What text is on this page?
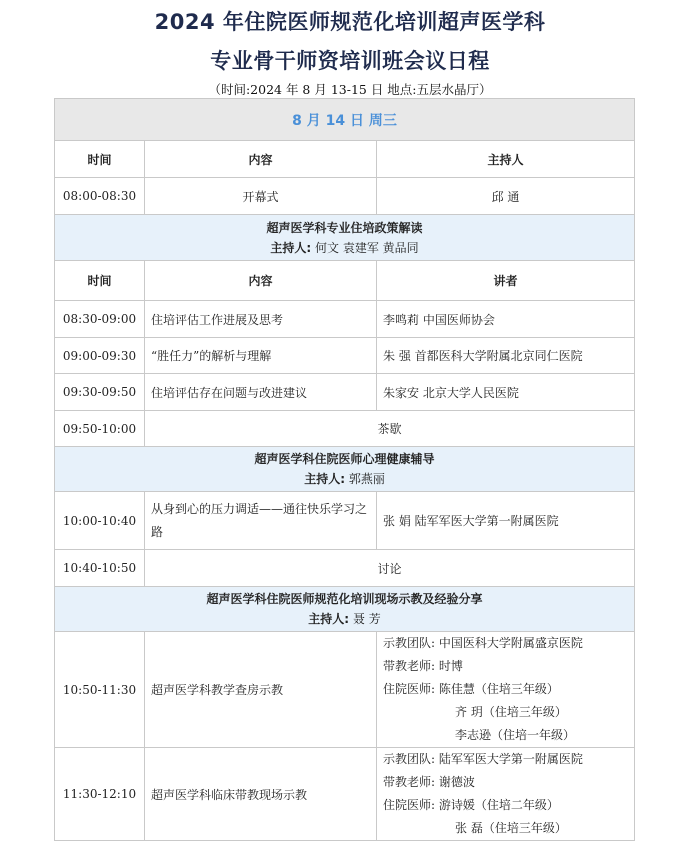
2024 年住院医师规范化培训超声医学科
专业骨干师资培训班会议日程
（时间:2024 年 8 月 13-15 日 地点:五层水晶厅）
8 月 14 日 周三		
时间	内容	主持人
08:00-08:30	开幕式	邱 通

超声医学科专业住培政策解读
主持人: 何文 袁建军 黄品同		
时间	内容	讲者
08:30-09:00	住培评估工作进展及思考	李鸣莉 中国医师协会
09:00-09:30	“胜任力”的解析与理解	朱 强 首都医科大学附属北京同仁医院
09:30-09:50	住培评估存在问题与改进建议	朱家安 北京大学人民医院
09:50-10:00	茶歇	

超声医学科住院医师心理健康辅导
主持人: 郭燕丽		
10:00-10:40	从身到心的压力调适——通往快乐学习之路	张 娟 陆军军医大学第一附属医院
10:40-10:50	讨论	

超声医学科住院医师规范化培训现场示教及经验分享
主持人: 聂 芳		
10:50-11:30	超声医学科教学查房示教	示教团队: 中国医科大学附属盛京医院
带教老师: 时博
住院医师: 陈佳慧（住培三年级）
齐 玥（住培三年级）
李志逊（住培一年级）

11:30-12:10	超声医学科临床带教现场示教	示教团队: 陆军军医大学第一附属医院
带教老师: 谢德波
住院医师: 游诗媛（住培二年级）
张 磊（住培三年级）
